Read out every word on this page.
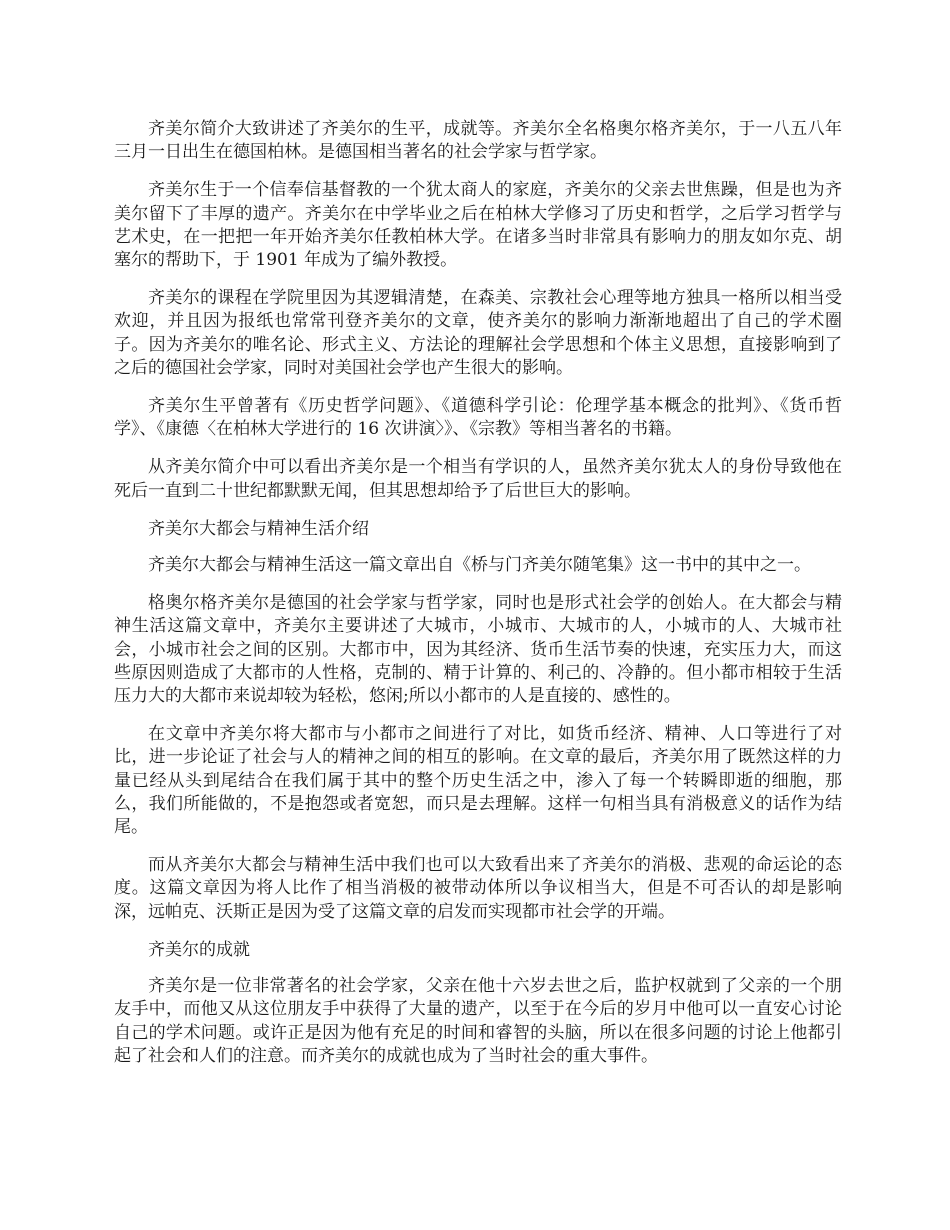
齐美尔简介大致讲述了齐美尔的生平，成就等。齐美尔全名格奥尔格齐美尔，于一八五八年三月一日出生在德国柏林。是德国相当著名的社会学家与哲学家。

齐美尔生于一个信奉信基督教的一个犹太商人的家庭，齐美尔的父亲去世焦躁，但是也为齐美尔留下了丰厚的遗产。齐美尔在中学毕业之后在柏林大学修习了历史和哲学，之后学习哲学与艺术史，在一把把一年开始齐美尔任教柏林大学。在诸多当时非常具有影响力的朋友如尔克、胡塞尔的帮助下，于 1901 年成为了编外教授。

齐美尔的课程在学院里因为其逻辑清楚，在森美、宗教社会心理等地方独具一格所以相当受欢迎，并且因为报纸也常常刊登齐美尔的文章，使齐美尔的影响力渐渐地超出了自己的学术圈子。因为齐美尔的唯名论、形式主义、方法论的理解社会学思想和个体主义思想，直接影响到了之后的德国社会学家，同时对美国社会学也产生很大的影响。

齐美尔生平曾著有《历史哲学问题》、《道德科学引论：伦理学基本概念的批判》、《货币哲学》、《康德〈在柏林大学进行的 16 次讲演〉》、《宗教》等相当著名的书籍。

从齐美尔简介中可以看出齐美尔是一个相当有学识的人，虽然齐美尔犹太人的身份导致他在死后一直到二十世纪都默默无闻，但其思想却给予了后世巨大的影响。

齐美尔大都会与精神生活介绍

齐美尔大都会与精神生活这一篇文章出自《桥与门齐美尔随笔集》这一书中的其中之一。

格奥尔格齐美尔是德国的社会学家与哲学家，同时也是形式社会学的创始人。在大都会与精神生活这篇文章中，齐美尔主要讲述了大城市，小城市、大城市的人，小城市的人、大城市社会，小城市社会之间的区别。大都市中，因为其经济、货币生活节奏的快速，充实压力大，而这些原因则造成了大都市的人性格，克制的、精于计算的、利己的、冷静的。但小都市相较于生活压力大的大都市来说却较为轻松，悠闲;所以小都市的人是直接的、感性的。

在文章中齐美尔将大都市与小都市之间进行了对比，如货币经济、精神、人口等进行了对比，进一步论证了社会与人的精神之间的相互的影响。在文章的最后，齐美尔用了既然这样的力量已经从头到尾结合在我们属于其中的整个历史生活之中，渗入了每一个转瞬即逝的细胞，那么，我们所能做的，不是抱怨或者宽恕，而只是去理解。这样一句相当具有消极意义的话作为结尾。

而从齐美尔大都会与精神生活中我们也可以大致看出来了齐美尔的消极、悲观的命运论的态度。这篇文章因为将人比作了相当消极的被带动体所以争议相当大，但是不可否认的却是影响深，远帕克、沃斯正是因为受了这篇文章的启发而实现都市社会学的开端。

齐美尔的成就

齐美尔是一位非常著名的社会学家，父亲在他十六岁去世之后，监护权就到了父亲的一个朋友手中，而他又从这位朋友手中获得了大量的遗产，以至于在今后的岁月中他可以一直安心讨论自己的学术问题。或许正是因为他有充足的时间和睿智的头脑，所以在很多问题的讨论上他都引起了社会和人们的注意。而齐美尔的成就也成为了当时社会的重大事件。
